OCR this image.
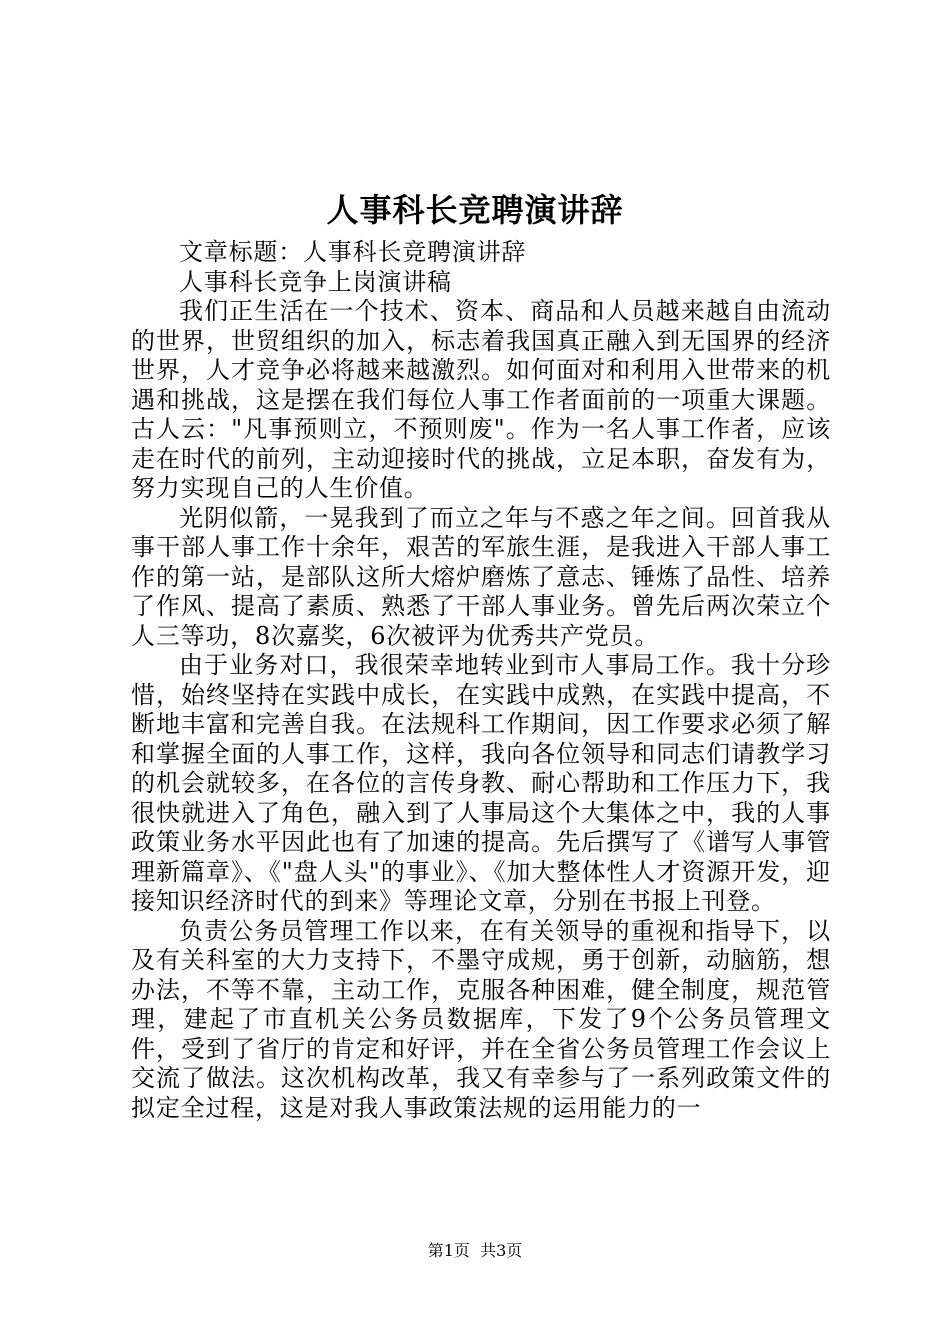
人事科长竞聘演讲辞

文章标题：人事科长竞聘演讲辞

人事科长竞争上岗演讲稿

我们正生活在一个技术、资本、商品和人员越来越自由流动的世界，世贸组织的加入，标志着我国真正融入到无国界的经济世界，人才竞争必将越来越激烈。如何面对和利用入世带来的机遇和挑战，这是摆在我们每位人事工作者面前的一项重大课题。古人云："凡事预则立，不预则废"。作为一名人事工作者，应该走在时代的前列，主动迎接时代的挑战，立足本职，奋发有为，努力实现自己的人生价值。

光阴似箭，一晃我到了而立之年与不惑之年之间。回首我从事干部人事工作十余年，艰苦的军旅生涯，是我进入干部人事工作的第一站，是部队这所大熔炉磨炼了意志、锤炼了品性、培养了作风、提高了素质、熟悉了干部人事业务。曾先后两次荣立个人三等功，8次嘉奖，6次被评为优秀共产党员。

由于业务对口，我很荣幸地转业到市人事局工作。我十分珍惜，始终坚持在实践中成长，在实践中成熟，在实践中提高，不断地丰富和完善自我。在法规科工作期间，因工作要求必须了解和掌握全面的人事工作，这样，我向各位领导和同志们请教学习的机会就较多，在各位的言传身教、耐心帮助和工作压力下，我很快就进入了角色，融入到了人事局这个大集体之中，我的人事政策业务水平因此也有了加速的提高。先后撰写了《谱写人事管理新篇章》、《"盘人头"的事业》、《加大整体性人才资源开发，迎接知识经济时代的到来》等理论文章，分别在书报上刊登。

负责公务员管理工作以来，在有关领导的重视和指导下，以及有关科室的大力支持下，不墨守成规，勇于创新，动脑筋，想办法，不等不靠，主动工作，克服各种困难，健全制度，规范管理，建起了市直机关公务员数据库，下发了9个公务员管理文件，受到了省厅的肯定和好评，并在全省公务员管理工作会议上交流了做法。这次机构改革，我又有幸参与了一系列政策文件的拟定全过程，这是对我人事政策法规的运用能力的一

第1页 共3页
